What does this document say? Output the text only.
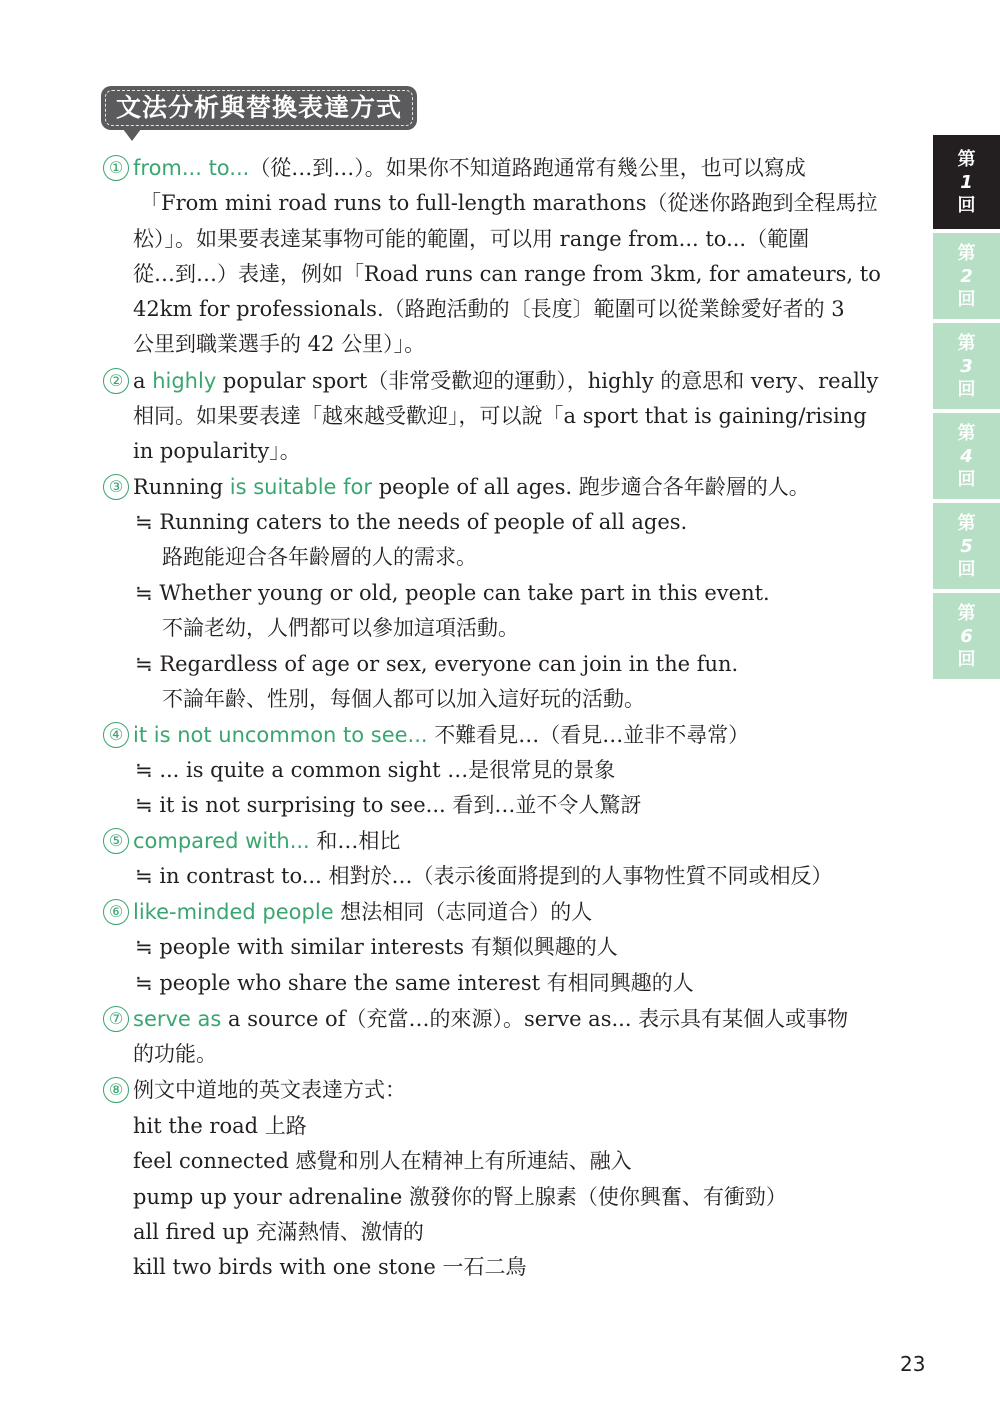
文法分析與替換表達方式
① from... to...（從…到…）。如果你不知道路跑通常有幾公里，也可以寫成
「From mini road runs to full-length marathons（從迷你路跑到全程馬拉
松）」。如果要表達某事物可能的範圍，可以用 range from... to...（範圍
從…到…）表達，例如「Road runs can range from 3km, for amateurs, to
42km for professionals.（路跑活動的〔長度〕範圍可以從業餘愛好者的 3
公里到職業選手的 42 公里）」。
② a highly popular sport（非常受歡迎的運動），highly 的意思和 very、really
相同。如果要表達「越來越受歡迎」，可以說「a sport that is gaining/rising
in popularity」。
③ Running is suitable for people of all ages. 跑步適合各年齡層的人。
≒ Running caters to the needs of people of all ages.
路跑能迎合各年齡層的人的需求。
≒ Whether young or old, people can take part in this event.
不論老幼，人們都可以參加這項活動。
≒ Regardless of age or sex, everyone can join in the fun.
不論年齡、性別，每個人都可以加入這好玩的活動。
④ it is not uncommon to see... 不難看見…（看見…並非不尋常）
≒ ... is quite a common sight …是很常見的景象
≒ it is not surprising to see... 看到…並不令人驚訝
⑤ compared with... 和…相比
≒ in contrast to... 相對於…（表示後面將提到的人事物性質不同或相反）
⑥ like-minded people 想法相同（志同道合）的人
≒ people with similar interests 有類似興趣的人
≒ people who share the same interest 有相同興趣的人
⑦ serve as a source of（充當…的來源）。serve as... 表示具有某個人或事物
的功能。
⑧ 例文中道地的英文表達方式：
hit the road 上路
feel connected 感覺和別人在精神上有所連結、融入
pump up your adrenaline 激發你的腎上腺素（使你興奮、有衝勁）
all fired up 充滿熱情、激情的
kill two birds with one stone 一石二鳥
第
1
回
第
2
回
第
3
回
第
4
回
第
5
回
第
6
回
23
